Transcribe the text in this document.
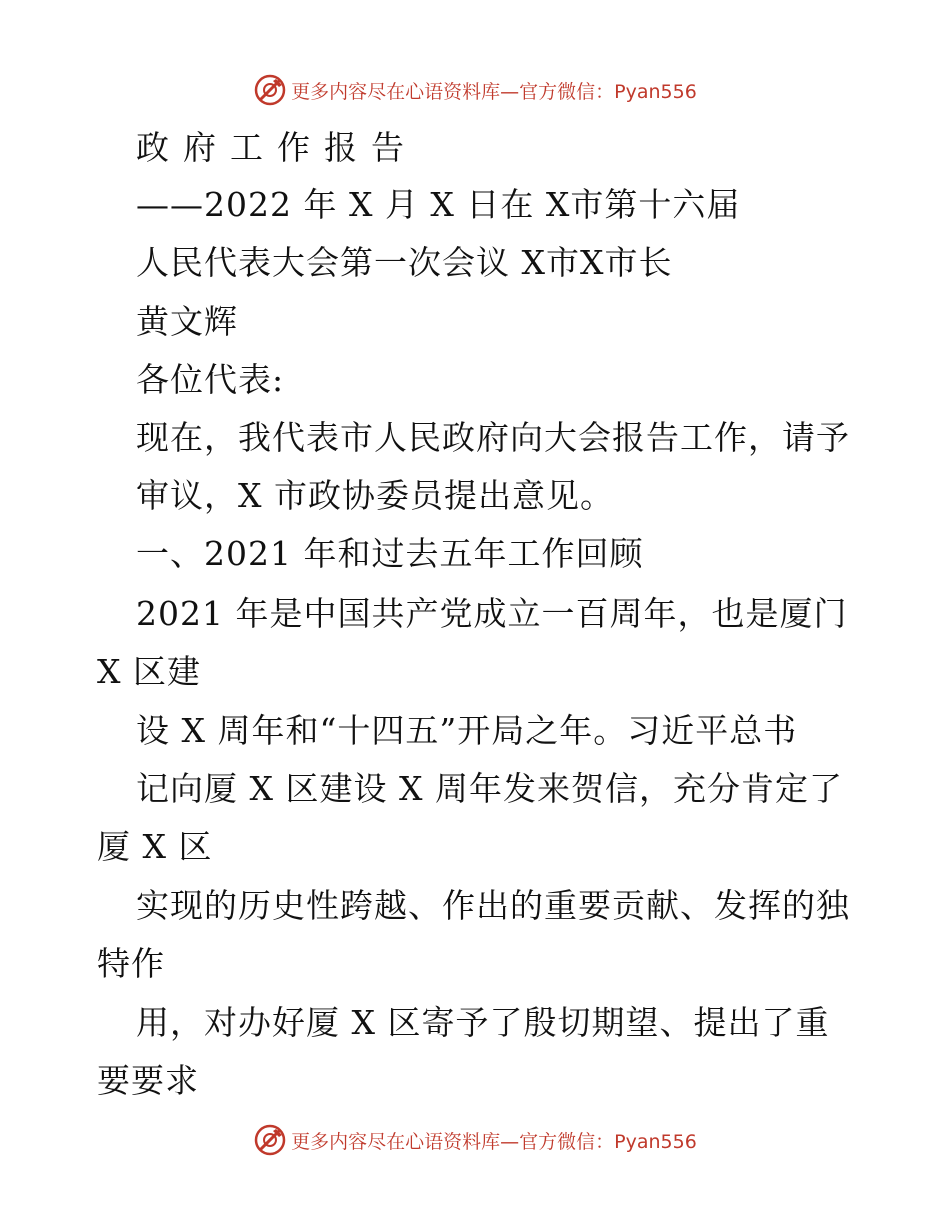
更多内容尽在心语资料库—官方微信：Pyan556
政府工作报告
——2022 年 X 月 X 日在 X市第十六届
人民代表大会第一次会议 X市X市长
黄文辉
各位代表:
现在，我代表市人民政府向大会报告工作，请予
审议，X 市政协委员提出意见。
一、2021 年和过去五年工作回顾
2021 年是中国共产党成立一百周年，也是厦门
X 区建
设 X 周年和“十四五”开局之年。习近平总书
记向厦 X 区建设 X 周年发来贺信，充分肯定了
厦 X 区
实现的历史性跨越、作出的重要贡献、发挥的独
特作
用，对办好厦 X 区寄予了殷切期望、提出了重
要要求
更多内容尽在心语资料库—官方微信：Pyan556
